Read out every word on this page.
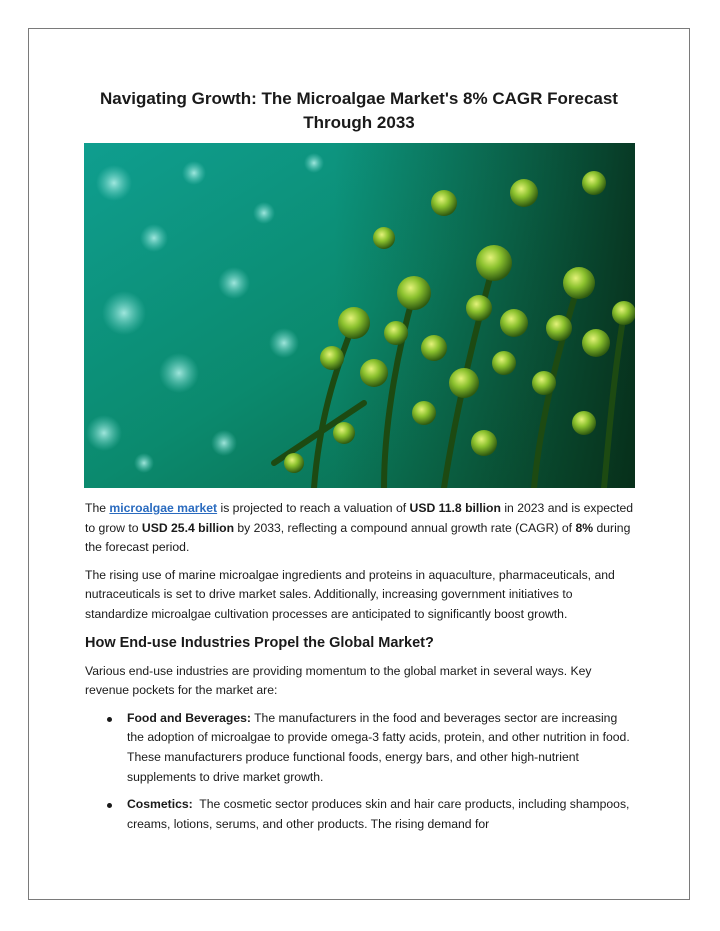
Navigating Growth: The Microalgae Market's 8% CAGR Forecast Through 2033

The microalgae market is projected to reach a valuation of USD 11.8 billion in 2023 and is expected to grow to USD 25.4 billion by 2033, reflecting a compound annual growth rate (CAGR) of 8% during the forecast period.

The rising use of marine microalgae ingredients and proteins in aquaculture, pharmaceuticals, and nutraceuticals is set to drive market sales. Additionally, increasing government initiatives to standardize microalgae cultivation processes are anticipated to significantly boost growth.

How End-use Industries Propel the Global Market?

Various end-use industries are providing momentum to the global market in several ways. Key revenue pockets for the market are:

Food and Beverages: The manufacturers in the food and beverages sector are increasing the adoption of microalgae to provide omega-3 fatty acids, protein, and other nutrition in food. These manufacturers produce functional foods, energy bars, and other high-nutrient supplements to drive market growth.
Cosmetics:  The cosmetic sector produces skin and hair care products, including shampoos, creams, lotions, serums, and other products. The rising demand for
